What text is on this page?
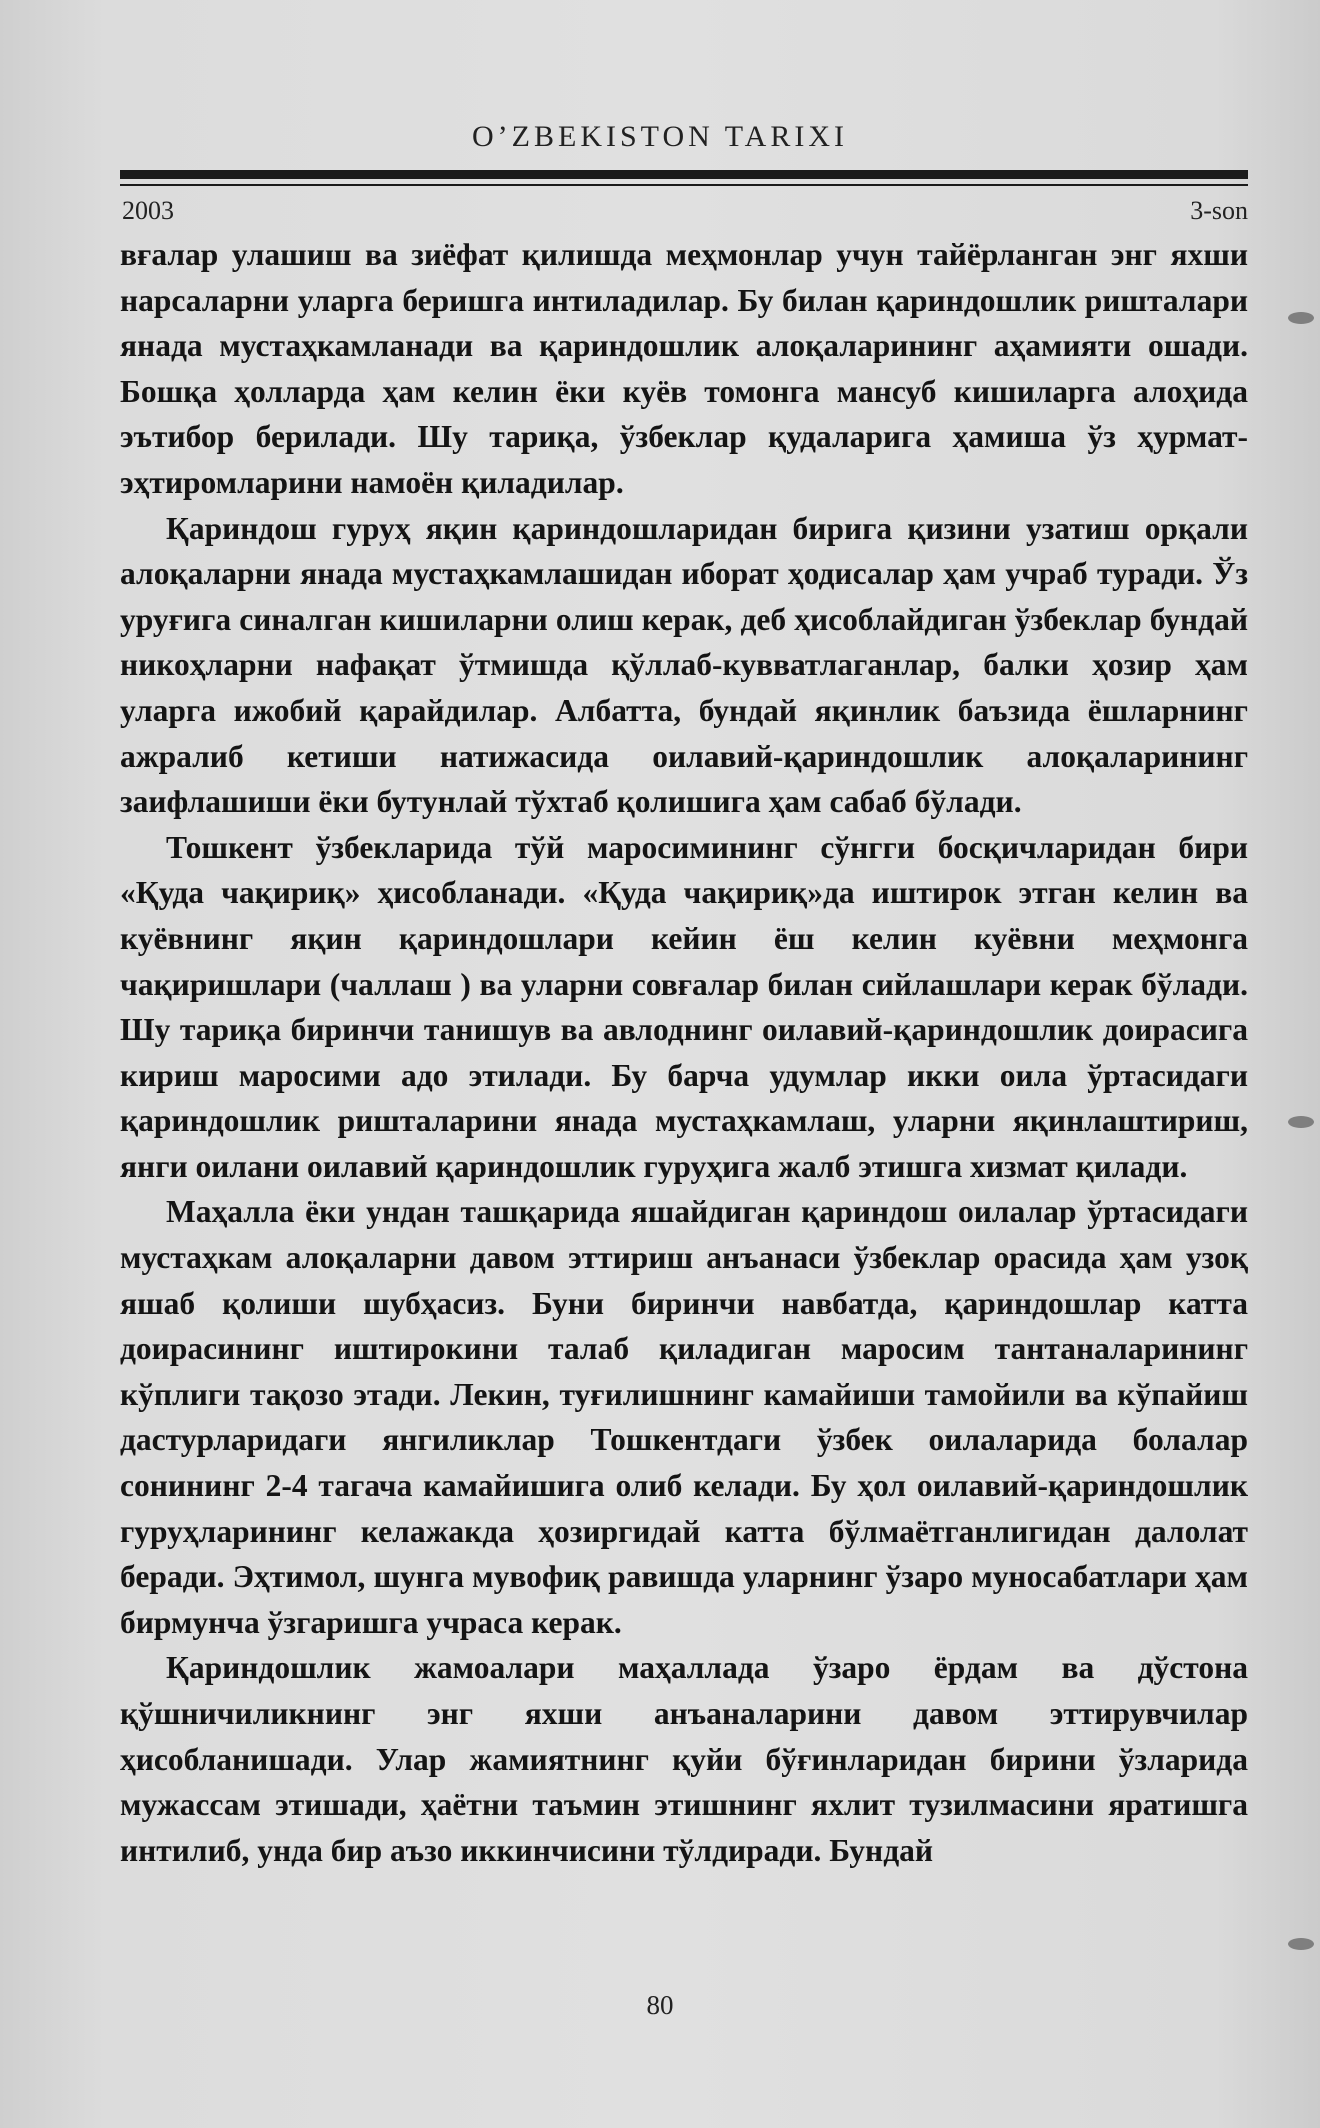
O’ZBEKISTON TARIXI
2003	3-son

вғалар улашиш ва зиёфат қилишда меҳмонлар учун тайёрланган энг яхши нарсаларни уларга беришга интиладилар. Бу билан қариндошлик ришталари янада мустаҳкамланади ва қариндошлик алоқаларининг аҳамияти ошади. Бошқа ҳолларда ҳам келин ёки куёв томонга мансуб кишиларга алоҳида эътибор берилади. Шу тариқа, ўзбеклар қудаларига ҳамиша ўз ҳурмат-эҳтиромларини намоён қиладилар.

Қариндош гуруҳ яқин қариндошларидан бирига қизини узатиш орқали алоқаларни янада мустаҳкамлашидан иборат ҳодисалар ҳам учраб туради. Ўз уруғига синалган кишиларни олиш керак, деб ҳисоблайдиган ўзбеклар бундай никоҳларни нафақат ўтмишда қўллаб-кувватлаганлар, балки ҳозир ҳам уларга ижобий қарайдилар. Албатта, бундай яқинлик баъзида ёшларнинг ажралиб кетиши натижасида оилавий-қариндошлик алоқаларининг заифлашиши ёки бутунлай тўхтаб қолишига ҳам сабаб бўлади.

Тошкент ўзбекларида тўй маросимининг сўнгги босқичларидан бири «Қуда чақириқ» ҳисобланади. «Қуда чақириқ»да иштирок этган келин ва куёвнинг яқин қариндошлари кейин ёш келин куёвни меҳмонга чақиришлари (чаллаш ) ва уларни совғалар билан сийлашлари керак бўлади. Шу тариқа биринчи танишув ва авлоднинг оилавий-қариндошлик доирасига кириш маросими адо этилади. Бу барча удумлар икки оила ўртасидаги қариндошлик ришталарини янада мустаҳкамлаш, уларни яқинлаштириш, янги оилани оилавий қариндошлик гуруҳига жалб этишга хизмат қилади.

Маҳалла ёки ундан ташқарида яшайдиган қариндош оилалар ўртасидаги мустаҳкам алоқаларни давом эттириш анъанаси ўзбеклар орасида ҳам узоқ яшаб қолиши шубҳасиз. Буни биринчи навбатда, қариндошлар катта доирасининг иштирокини талаб қиладиган маросим тантаналарининг кўплиги тақозо этади. Лекин, туғилишнинг камайиши тамойили ва кўпайиш дастурларидаги янгиликлар Тошкентдаги ўзбек оилаларида болалар сонининг 2-4 тагача камайишига олиб келади. Бу ҳол оилавий-қариндошлик гуруҳларининг келажакда ҳозиргидай катта бўлмаётганлигидан далолат беради. Эҳтимол, шунга мувофиқ равишда уларнинг ўзаро муносабатлари ҳам бирмунча ўзгаришга учраса керак.

Қариндошлик жамоалари маҳаллада ўзаро ёрдам ва дўстона қўшничиликнинг энг яхши анъаналарини давом эттирувчилар ҳисобланишади. Улар жамиятнинг қуйи бўғинларидан бирини ўзларида мужассам этишади, ҳаётни таъмин этишнинг яхлит тузилмасини яратишга интилиб, унда бир аъзо иккинчисини тўлдиради. Бундай

80
